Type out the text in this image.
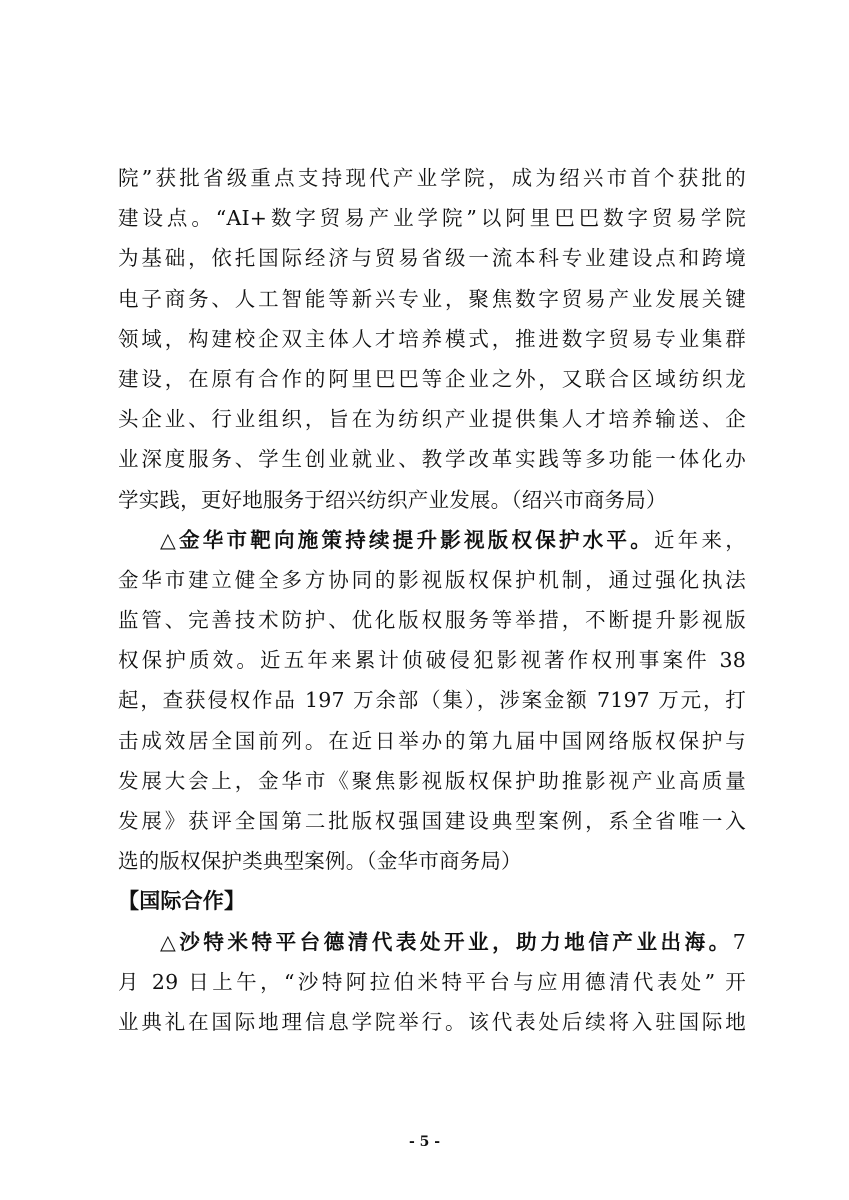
院”获批省级重点支持现代产业学院，成为绍兴市首个获批的
建设点。“AI+数字贸易产业学院”以阿里巴巴数字贸易学院
为基础，依托国际经济与贸易省级一流本科专业建设点和跨境
电子商务、人工智能等新兴专业，聚焦数字贸易产业发展关键
领域，构建校企双主体人才培养模式，推进数字贸易专业集群
建设，在原有合作的阿里巴巴等企业之外，又联合区域纺织龙
头企业、行业组织，旨在为纺织产业提供集人才培养输送、企
业深度服务、学生创业就业、教学改革实践等多功能一体化办
学实践，更好地服务于绍兴纺织产业发展。（绍兴市商务局）
△金华市靶向施策持续提升影视版权保护水平。近年来，
金华市建立健全多方协同的影视版权保护机制，通过强化执法
监管、完善技术防护、优化版权服务等举措，不断提升影视版
权保护质效。近五年来累计侦破侵犯影视著作权刑事案件 38
起，查获侵权作品 197 万余部（集），涉案金额 7197 万元，打
击成效居全国前列。在近日举办的第九届中国网络版权保护与
发展大会上，金华市《聚焦影视版权保护助推影视产业高质量
发展》获评全国第二批版权强国建设典型案例，系全省唯一入
选的版权保护类典型案例。（金华市商务局）
【国际合作】
△沙特米特平台德清代表处开业，助力地信产业出海。7
月 29 日上午，“沙特阿拉伯米特平台与应用德清代表处” 开
业典礼在国际地理信息学院举行。该代表处后续将入驻国际地
- 5 -
